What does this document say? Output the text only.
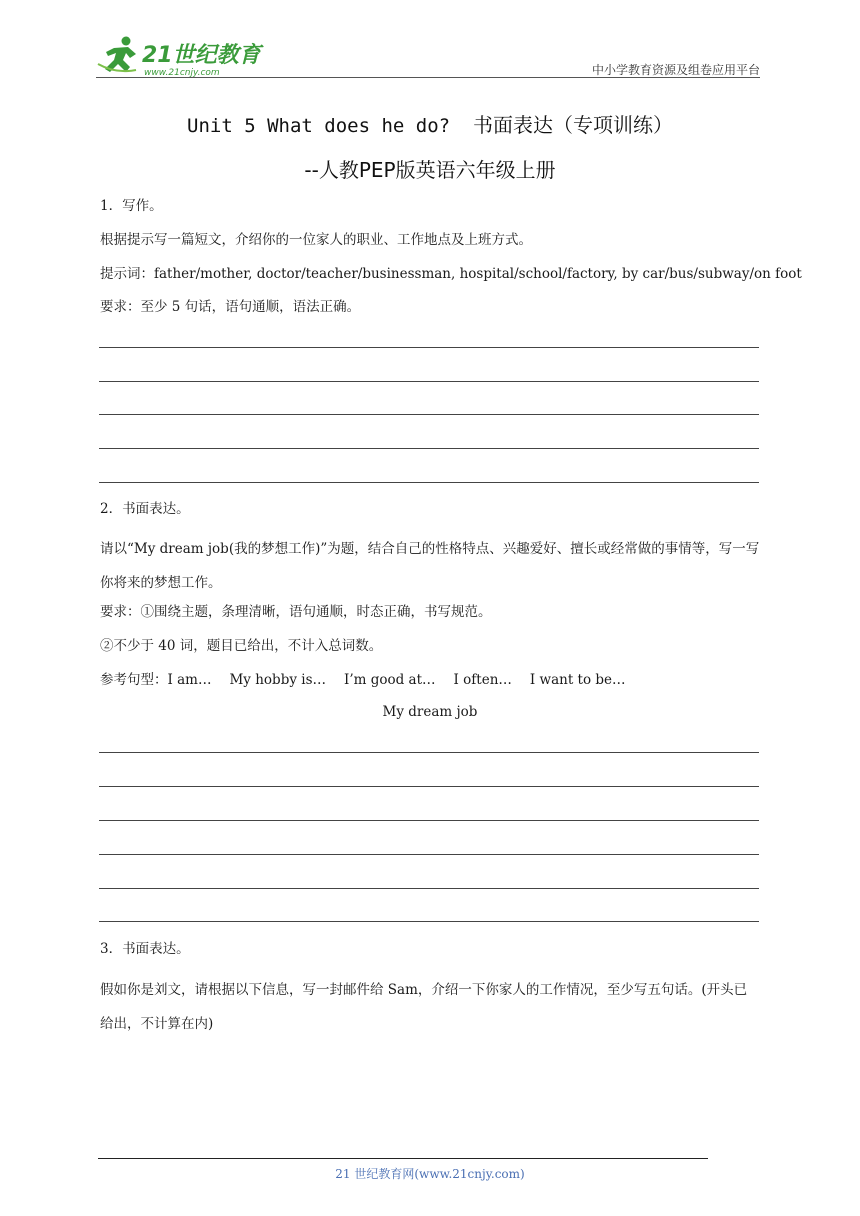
21世纪教育
www.21cnjy.com	中小学教育资源及组卷应用平台
Unit 5 What does he do? 书面表达（专项训练）
--人教PEP版英语六年级上册
1．写作。
根据提示写一篇短文，介绍你的一位家人的职业、工作地点及上班方式。
提示词：father/mother, doctor/teacher/businessman, hospital/school/factory, by car/bus/subway/on foot
要求：至少 5 句话，语句通顺，语法正确。
2．书面表达。
请以“My dream job(我的梦想工作)”为题，结合自己的性格特点、兴趣爱好、擅长或经常做的事情等，写一写你将来的梦想工作。
要求：①围绕主题，条理清晰，语句通顺，时态正确，书写规范。
②不少于 40 词，题目已给出，不计入总词数。
参考句型：I am… My hobby is… I’m good at… I often… I want to be…
My dream job
3．书面表达。
假如你是刘文，请根据以下信息，写一封邮件给 Sam，介绍一下你家人的工作情况，至少写五句话。(开头已给出，不计算在内)
21 世纪教育网(www.21cnjy.com)
